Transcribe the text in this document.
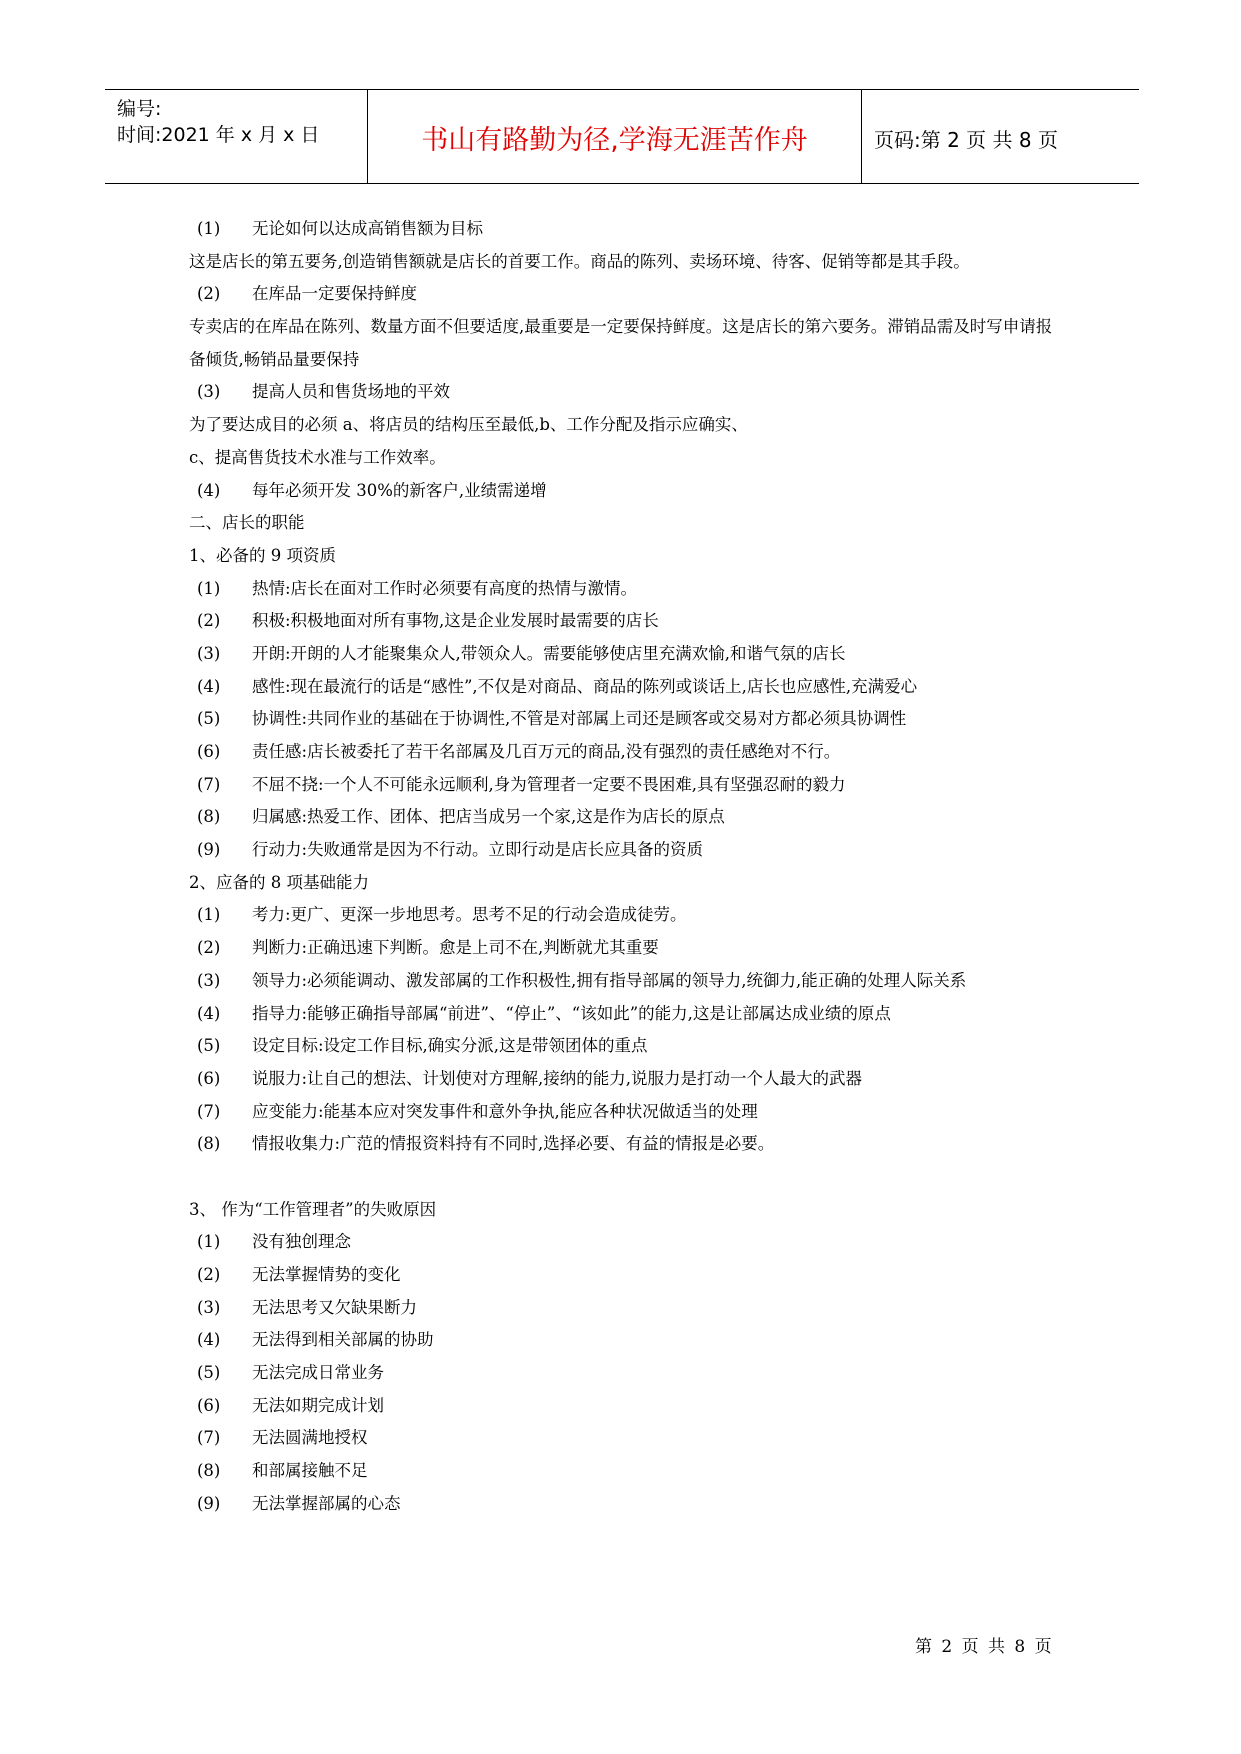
编号:
时间:2021 年 x 月 x 日	书山有路勤为径,学海无涯苦作舟	页码:第 2 页 共 8 页
(1) 无论如何以达成高销售额为目标
这是店长的第五要务,创造销售额就是店长的首要工作。商品的陈列、卖场环境、待客、促销等都是其手段。
(2) 在库品一定要保持鲜度
专卖店的在库品在陈列、数量方面不但要适度,最重要是一定要保持鲜度。这是店长的第六要务。滞销品需及时写申请报备倾货,畅销品量要保持
(3) 提高人员和售货场地的平效
为了要达成目的必须 a、将店员的结构压至最低,b、工作分配及指示应确实、
c、提高售货技术水准与工作效率。
(4) 每年必须开发 30%的新客户,业绩需递增
二、店长的职能
1、必备的 9 项资质
(1) 热情:店长在面对工作时必须要有高度的热情与激情。
(2) 积极:积极地面对所有事物,这是企业发展时最需要的店长
(3) 开朗:开朗的人才能聚集众人,带领众人。需要能够使店里充满欢愉,和谐气氛的店长
(4) 感性:现在最流行的话是“感性”,不仅是对商品、商品的陈列或谈话上,店长也应感性,充满爱心
(5) 协调性:共同作业的基础在于协调性,不管是对部属上司还是顾客或交易对方都必须具协调性
(6) 责任感:店长被委托了若干名部属及几百万元的商品,没有强烈的责任感绝对不行。
(7) 不屈不挠:一个人不可能永远顺利,身为管理者一定要不畏困难,具有坚强忍耐的毅力
(8) 归属感:热爱工作、团体、把店当成另一个家,这是作为店长的原点
(9) 行动力:失败通常是因为不行动。立即行动是店长应具备的资质
2、应备的 8 项基础能力
(1) 考力:更广、更深一步地思考。思考不足的行动会造成徒劳。
(2) 判断力:正确迅速下判断。愈是上司不在,判断就尤其重要
(3) 领导力:必须能调动、激发部属的工作积极性,拥有指导部属的领导力,统御力,能正确的处理人际关系
(4) 指导力:能够正确指导部属“前进”、“停止”、“该如此”的能力,这是让部属达成业绩的原点
(5) 设定目标:设定工作目标,确实分派,这是带领团体的重点
(6) 说服力:让自己的想法、计划使对方理解,接纳的能力,说服力是打动一个人最大的武器
(7) 应变能力:能基本应对突发事件和意外争执,能应各种状况做适当的处理
(8) 情报收集力:广范的情报资料持有不同时,选择必要、有益的情报是必要。
3、 作为“工作管理者”的失败原因
(1) 没有独创理念
(2) 无法掌握情势的变化
(3) 无法思考又欠缺果断力
(4) 无法得到相关部属的协助
(5) 无法完成日常业务
(6) 无法如期完成计划
(7) 无法圆满地授权
(8) 和部属接触不足
(9) 无法掌握部属的心态
第 2 页 共 8 页
